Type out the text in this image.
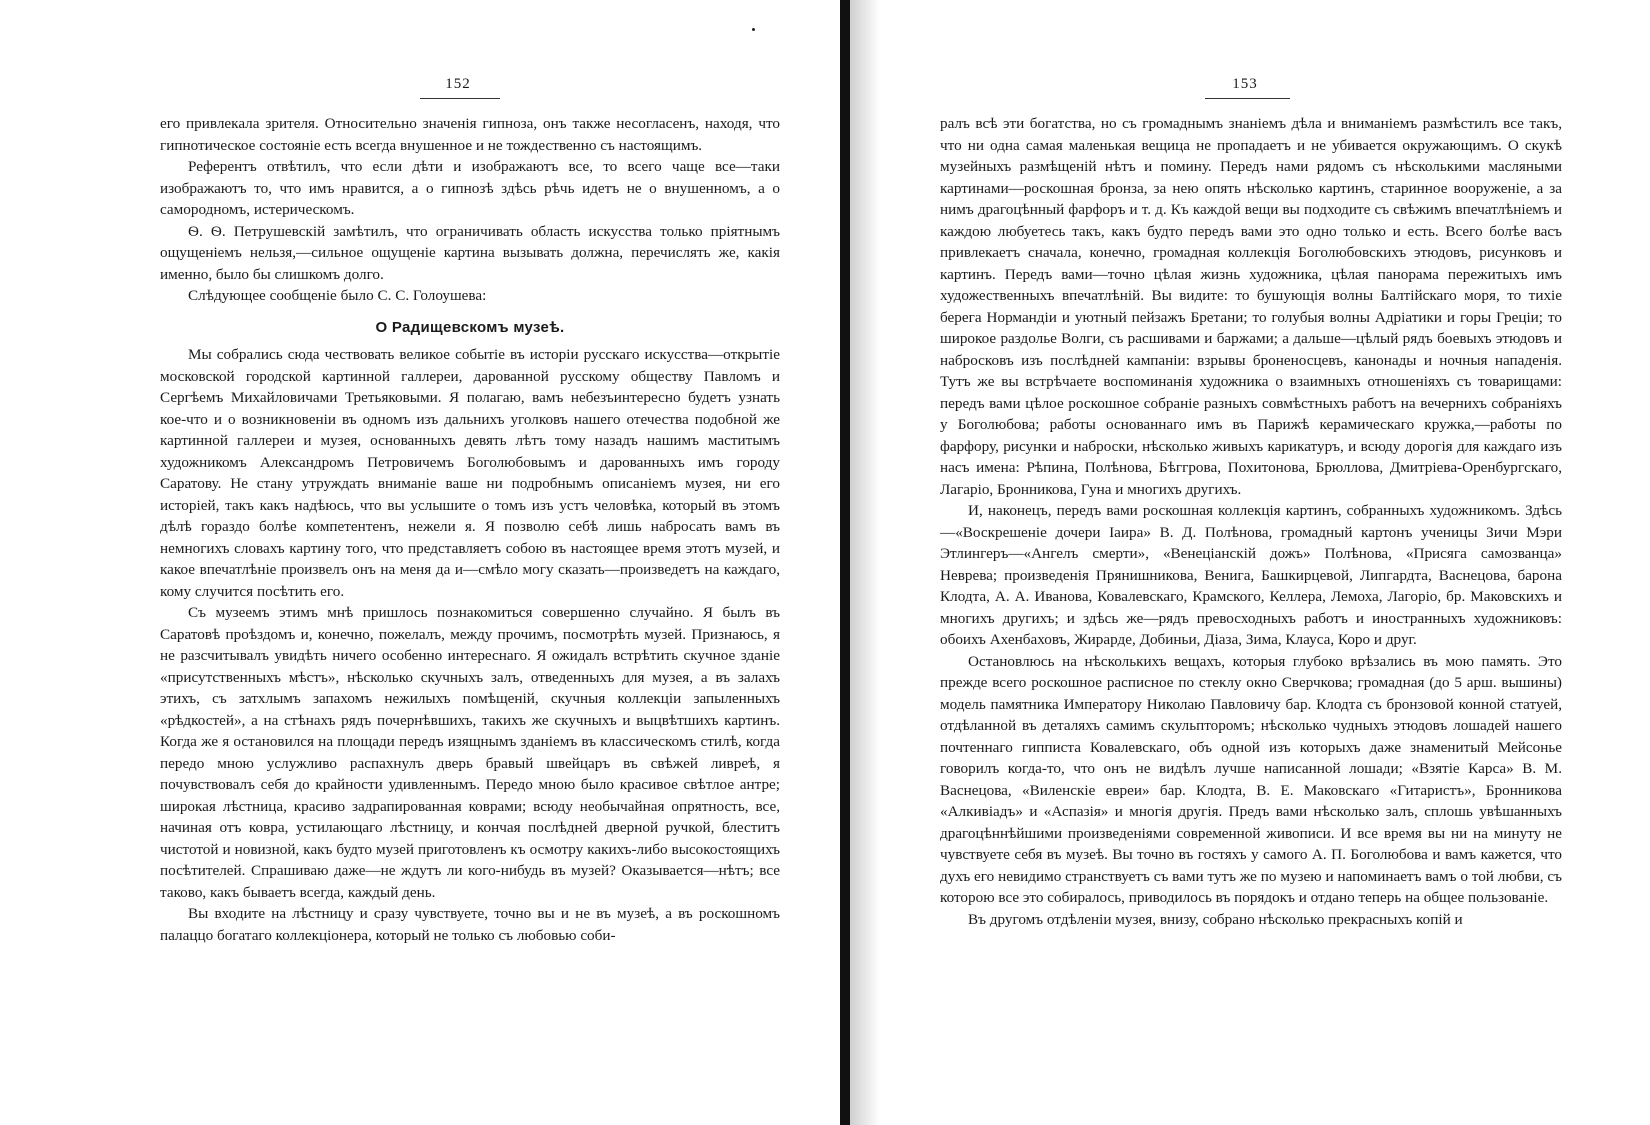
152

его привлекала зрителя. Относительно значенія гипноза, онъ также несогласенъ, находя, что гипнотическое состояніе есть всегда внушенное и не тождественно съ настоящимъ.

Референтъ отвѣтилъ, что если дѣти и изображаютъ все, то всего чаще все—таки изображаютъ то, что имъ нравится, а о гипнозѣ здѣсь рѣчь идетъ не о внушенномъ, а о самородномъ, истерическомъ.

Ѳ. Ѳ. Петрушевскій замѣтилъ, что ограничивать область искусства только пріятнымъ ощущеніемъ нельзя,—сильное ощущеніе картина вызывать должна, перечислять же, какія именно, было бы слишкомъ долго.

Слѣдующее сообщеніе было С. С. Голоушева:

О Радищевскомъ музеѣ.

Мы собрались сюда чествовать великое событіе въ исторіи русскаго искусства—открытіе московской городской картинной галлереи, дарованной русскому обществу Павломъ и Сергѣемъ Михайловичами Третьяковыми. Я полагаю, вамъ небезъинтересно будетъ узнать кое-что и о возникновеніи въ одномъ изъ дальнихъ уголковъ нашего отечества подобной же картинной галлереи и музея, основанныхъ девять лѣтъ тому назадъ нашимъ маститымъ художникомъ Александромъ Петровичемъ Боголюбовымъ и дарованныхъ имъ городу Саратову. Не стану утруждать вниманіе ваше ни подробнымъ описаніемъ музея, ни его исторіей, такъ какъ надѣюсь, что вы услышите о томъ изъ устъ человѣка, который въ этомъ дѣлѣ гораздо болѣе компетентенъ, нежели я. Я позволю себѣ лишь набросать вамъ въ немногихъ словахъ картину того, что представляетъ собою въ настоящее время этотъ музей, и какое впечатлѣніе произвелъ онъ на меня да и—смѣло могу сказать—произведетъ на каждаго, кому случится посѣтить его.

Съ музеемъ этимъ мнѣ пришлось познакомиться совершенно случайно. Я былъ въ Саратовѣ проѣздомъ и, конечно, пожелалъ, между прочимъ, посмотрѣть музей. Признаюсь, я не разсчитывалъ увидѣть ничего особенно интереснаго. Я ожидалъ встрѣтить скучное зданіе «присутственныхъ мѣстъ», нѣсколько скучныхъ залъ, отведенныхъ для музея, а въ залахъ этихъ, съ затхлымъ запахомъ нежилыхъ помѣщеній, скучныя коллекціи запыленныхъ «рѣдкостей», а на стѣнахъ рядъ почернѣвшихъ, такихъ же скучныхъ и выцвѣтшихъ картинъ. Когда же я остановился на площади передъ изящнымъ зданіемъ въ классическомъ стилѣ, когда передо мною услужливо распахнулъ дверь бравый швейцаръ въ свѣжей ливреѣ, я почувствовалъ себя до крайности удивленнымъ. Передо мною было красивое свѣтлое антре; широкая лѣстница, красиво задрапированная коврами; всюду необычайная опрятность, все, начиная отъ ковра, устилающаго лѣстницу, и кончая послѣдней дверной ручкой, блеститъ чистотой и новизной, какъ будто музей приготовленъ къ осмотру какихъ-либо высокостоящихъ посѣтителей. Спрашиваю даже—не ждутъ ли кого-нибудь въ музей? Оказывается—нѣтъ; все таково, какъ бываетъ всегда, каждый день.

Вы входите на лѣстницу и сразу чувствуете, точно вы и не въ музеѣ, а въ роскошномъ палаццо богатаго коллекціонера, который не только съ любовью соби-

153

ралъ всѣ эти богатства, но съ громаднымъ знаніемъ дѣла и вниманіемъ размѣстилъ все такъ, что ни одна самая маленькая вещица не пропадаетъ и не убивается окружающимъ. О скукѣ музейныхъ размѣщеній нѣтъ и помину. Передъ нами рядомъ съ нѣсколькими масляными картинами—роскошная бронза, за нею опять нѣсколько картинъ, старинное вооруженіе, а за нимъ драгоцѣнный фарфоръ и т. д. Къ каждой вещи вы подходите съ свѣжимъ впечатлѣніемъ и каждою любуетесь такъ, какъ будто передъ вами это одно только и есть. Всего болѣе васъ привлекаетъ сначала, конечно, громадная коллекція Боголюбовскихъ этюдовъ, рисунковъ и картинъ. Передъ вами—точно цѣлая жизнь художника, цѣлая панорама пережитыхъ имъ художественныхъ впечатлѣній. Вы видите: то бушующія волны Балтійскаго моря, то тихіе берега Нормандіи и уютный пейзажъ Бретани; то голубыя волны Адріатики и горы Греціи; то широкое раздолье Волги, съ расшивами и баржами; а дальше—цѣлый рядъ боевыхъ этюдовъ и набросковъ изъ послѣдней кампаніи: взрывы броненосцевъ, канонады и ночныя нападенія. Тутъ же вы встрѣчаете воспоминанія художника о взаимныхъ отношеніяхъ съ товарищами: передъ вами цѣлое роскошное собраніе разныхъ совмѣстныхъ работъ на вечернихъ собраніяхъ у Боголюбова; работы основаннаго имъ въ Парижѣ керамическаго кружка,—работы по фарфору, рисунки и наброски, нѣсколько живыхъ карикатуръ, и всюду дорогія для каждаго изъ насъ имена: Рѣпина, Полѣнова, Бѣггрова, Похитонова, Брюллова, Дмитріева-Оренбургскаго, Лагаріо, Бронникова, Гуна и многихъ другихъ.

И, наконецъ, передъ вами роскошная коллекція картинъ, собранныхъ художникомъ. Здѣсь—«Воскрешеніе дочери Іаира» В. Д. Полѣнова, громадный картонъ ученицы Зичи Мэри Этлингеръ—«Ангелъ смерти», «Венеціанскій дожъ» Полѣнова, «Присяга самозванца» Неврева; произведенія Прянишникова, Венига, Башкирцевой, Липгардта, Васнецова, барона Клодта, А. А. Иванова, Ковалевскаго, Крамского, Келлера, Лемоха, Лагоріо, бр. Маковскихъ и многихъ другихъ; и здѣсь же—рядъ превосходныхъ работъ и иностранныхъ художниковъ: обоихъ Ахенбаховъ, Жирарде, Добиньи, Діаза, Зима, Клауса, Коро и друг.

Остановлюсь на нѣсколькихъ вещахъ, которыя глубоко врѣзались въ мою память. Это прежде всего роскошное расписное по стеклу окно Сверчкова; громадная (до 5 арш. вышины) модель памятника Императору Николаю Павловичу бар. Клодта съ бронзовой конной статуей, отдѣланной въ деталяхъ самимъ скульпторомъ; нѣсколько чудныхъ этюдовъ лошадей нашего почтеннаго гипписта Ковалевскаго, объ одной изъ которыхъ даже знаменитый Мейсонье говорилъ когда-то, что онъ не видѣлъ лучше написанной лошади; «Взятіе Карса» В. М. Васнецова, «Виленскіе евреи» бар. Клодта, В. Е. Маковскаго «Гитаристъ», Бронникова «Алкивіадъ» и «Аспазія» и многія другія. Предъ вами нѣсколько залъ, сплошь увѣшанныхъ драгоцѣннѣйшими произведеніями современной живописи. И все время вы ни на минуту не чувствуете себя въ музеѣ. Вы точно въ гостяхъ у самого А. П. Боголюбова и вамъ кажется, что духъ его невидимо странствуетъ съ вами тутъ же по музею и напоминаетъ вамъ о той любви, съ которою все это собиралось, приводилось въ порядокъ и отдано теперь на общее пользованіе.

Въ другомъ отдѣленіи музея, внизу, собрано нѣсколько прекрасныхъ копій и
